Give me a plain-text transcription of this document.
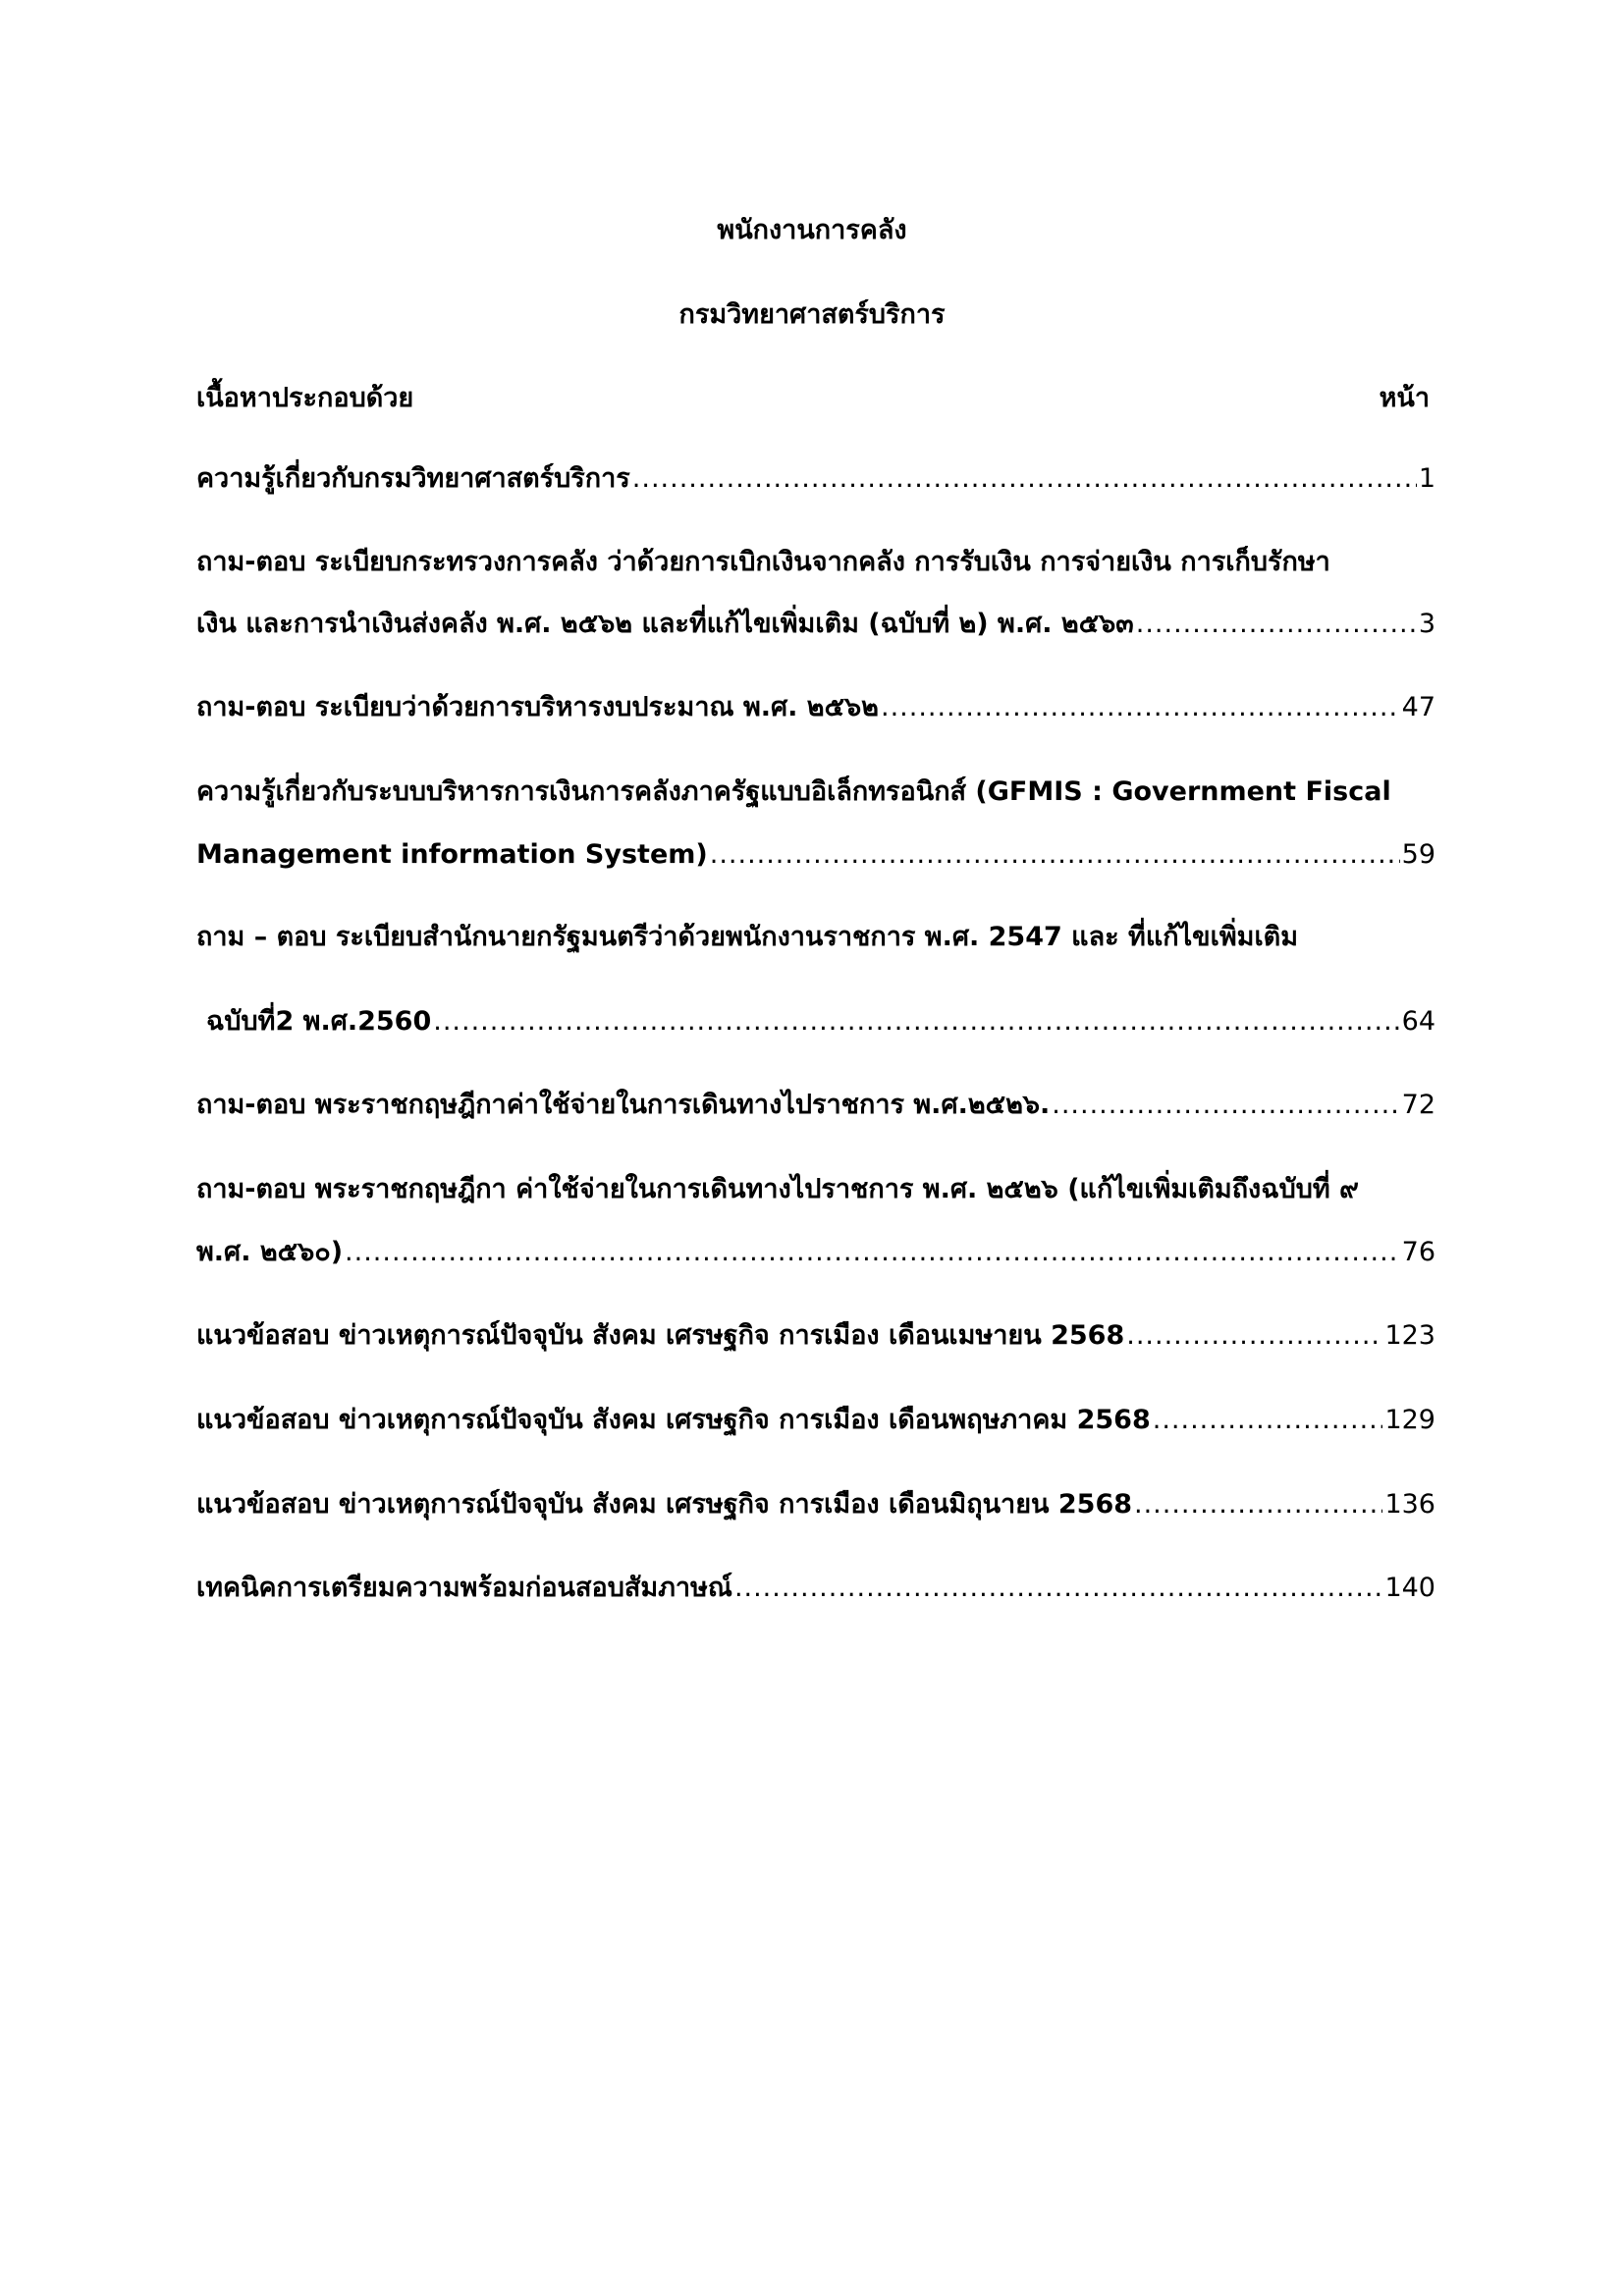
พนักงานการคลัง
กรมวิทยาศาสตร์บริการ
เนื้อหาประกอบด้วย	หน้า
ความรู้เกี่ยวกับกรมวิทยาศาสตร์บริการ .....	1
ถาม-ตอบ ระเบียบกระทรวงการคลัง ว่าด้วยการเบิกเงินจากคลัง การรับเงิน การจ่ายเงิน การเก็บรักษา
เงิน และการนำเงินส่งคลัง พ.ศ. ๒๕๖๒ และที่แก้ไขเพิ่มเติม (ฉบับที่ ๒) พ.ศ. ๒๕๖๓ .....	3
ถาม-ตอบ ระเบียบว่าด้วยการบริหารงบประมาณ พ.ศ. ๒๕๖๒ .....	47
ความรู้เกี่ยวกับระบบบริหารการเงินการคลังภาครัฐแบบอิเล็กทรอนิกส์ (GFMIS : Government Fiscal
Management information System) .....	59
ถาม – ตอบ ระเบียบสำนักนายกรัฐมนตรีว่าด้วยพนักงานราชการ พ.ศ. 2547 และ ที่แก้ไขเพิ่มเติม
ฉบับที่2 พ.ศ.2560 .....	64
ถาม-ตอบ พระราชกฤษฎีกาค่าใช้จ่ายในการเดินทางไปราชการ พ.ศ.๒๕๒๖. .....	72
ถาม-ตอบ พระราชกฤษฎีกา ค่าใช้จ่ายในการเดินทางไปราชการ พ.ศ. ๒๕๒๖ (แก้ไขเพิ่มเติมถึงฉบับที่ ๙
พ.ศ. ๒๕๖๐) .....	76
แนวข้อสอบ ข่าวเหตุการณ์ปัจจุบัน สังคม เศรษฐกิจ การเมือง เดือนเมษายน 2568 .....	123
แนวข้อสอบ ข่าวเหตุการณ์ปัจจุบัน สังคม เศรษฐกิจ การเมือง เดือนพฤษภาคม 2568 .....	129
แนวข้อสอบ ข่าวเหตุการณ์ปัจจุบัน สังคม เศรษฐกิจ การเมือง เดือนมิถุนายน 2568 .....	136
เทคนิคการเตรียมความพร้อมก่อนสอบสัมภาษณ์ .....	140
